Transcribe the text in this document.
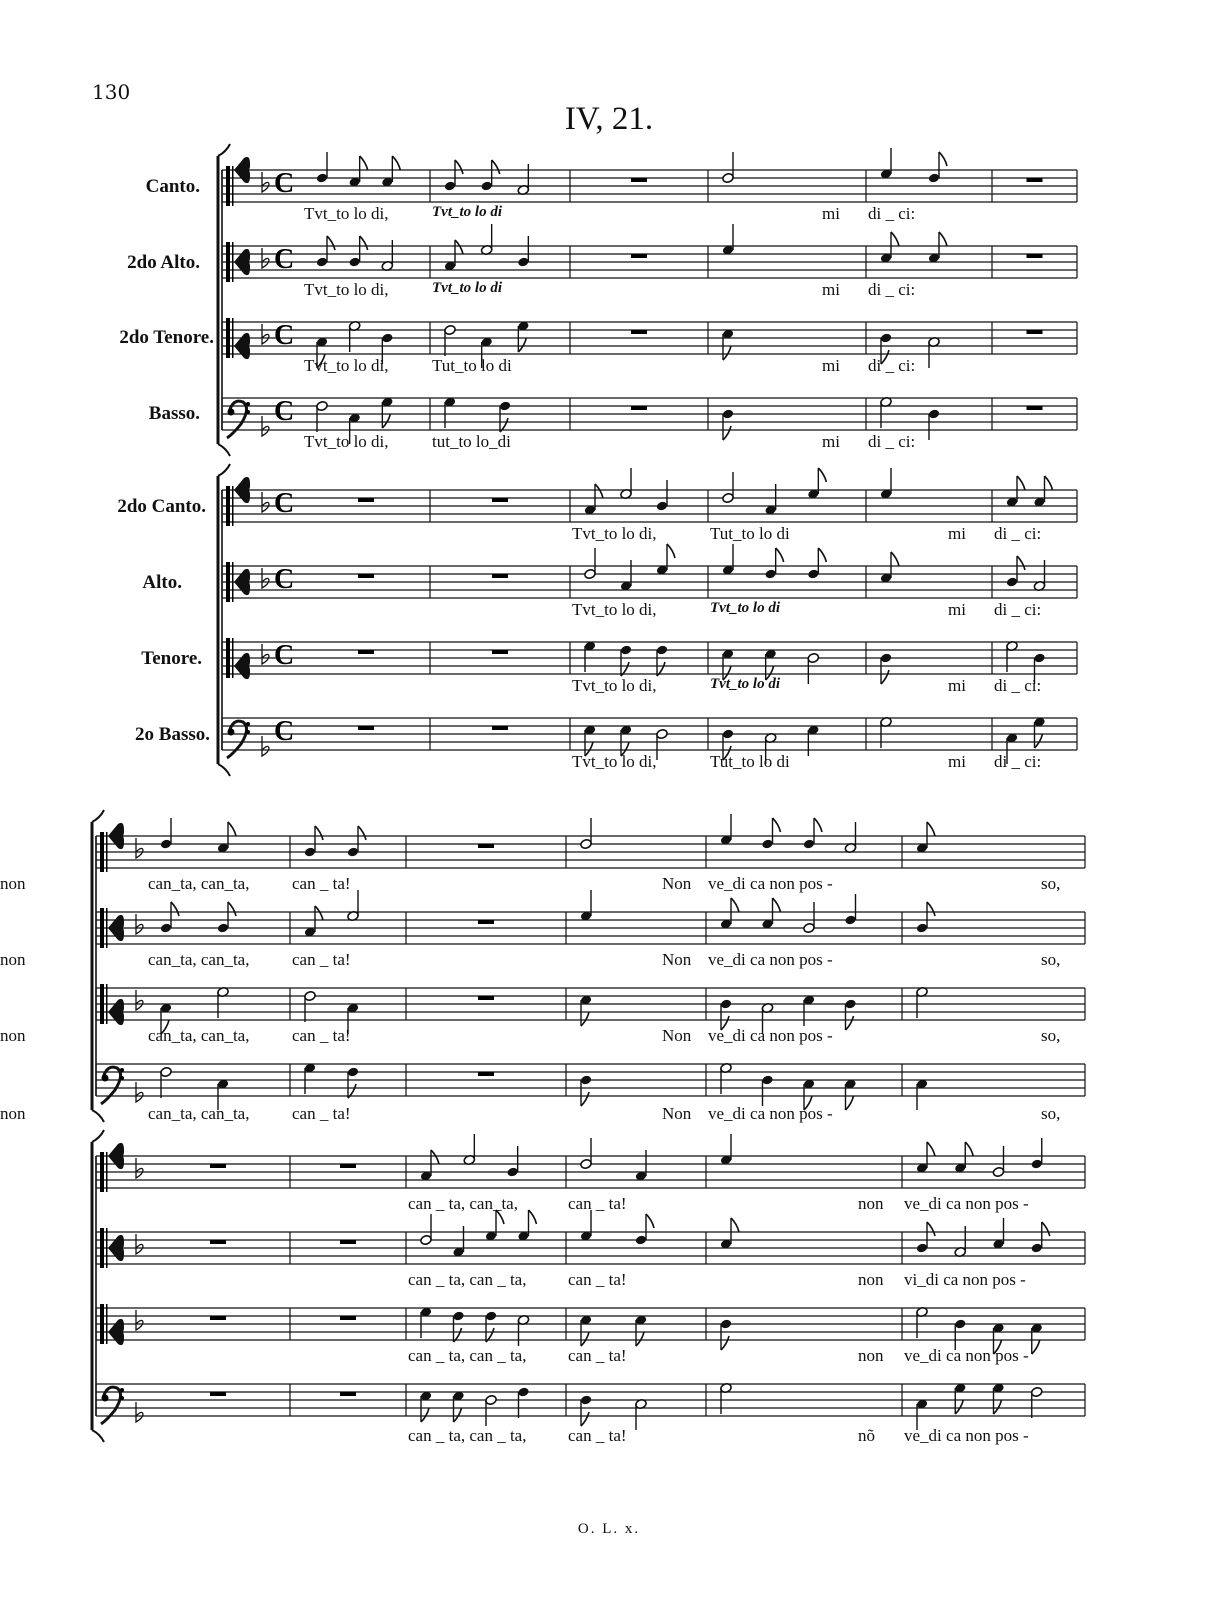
130
IV, 21.
Canto.
2do Alto.
2do Tenore.
Basso.
2do Canto.
Alto.
Tenore.
2o Basso.
C
C
C
C
C
C
C
C
Tvt_to lo di,	Tvt_to lo di	mi di _ ci:
Tvt_to lo di,	Tvt_to lo di	mi di _ ci:
Tvt_to lo di,	Tut_to lo di	mi di _ ci:
Tvt_to lo di,	tut_to lo_di	mi di _ ci:
Tvt_to lo di,	Tut_to lo di	mi di _ ci:
Tvt_to lo di,	Tvt_to lo di	mi di _ ci:
Tvt_to lo di,	Tvt_to lo di	mi di _ ci:
Tvt_to lo di,	Tut_to lo di	mi di _ ci:
can_ta, can_ta,	can _ ta!	Non ve_di ca non pos -	so,
non
can_ta, can_ta,	can _ ta!	Non ve_di ca non pos -	so,
non
can_ta, can_ta,	can _ ta!	Non ve_di ca non pos -	so,
non
can_ta, can_ta,	can _ ta!	Non ve_di ca non pos -	so,
non
can _ ta, can_ta,	can _ ta!	non ve_di ca non pos -
can _ ta, can _ ta, can _ ta!	non vi_di ca non pos -
can _ ta, can _ ta, can _ ta!	non ve_di ca non pos -
can _ ta, can _ ta, can _ ta!	nõ ve_di ca non pos -
O. L. x.
